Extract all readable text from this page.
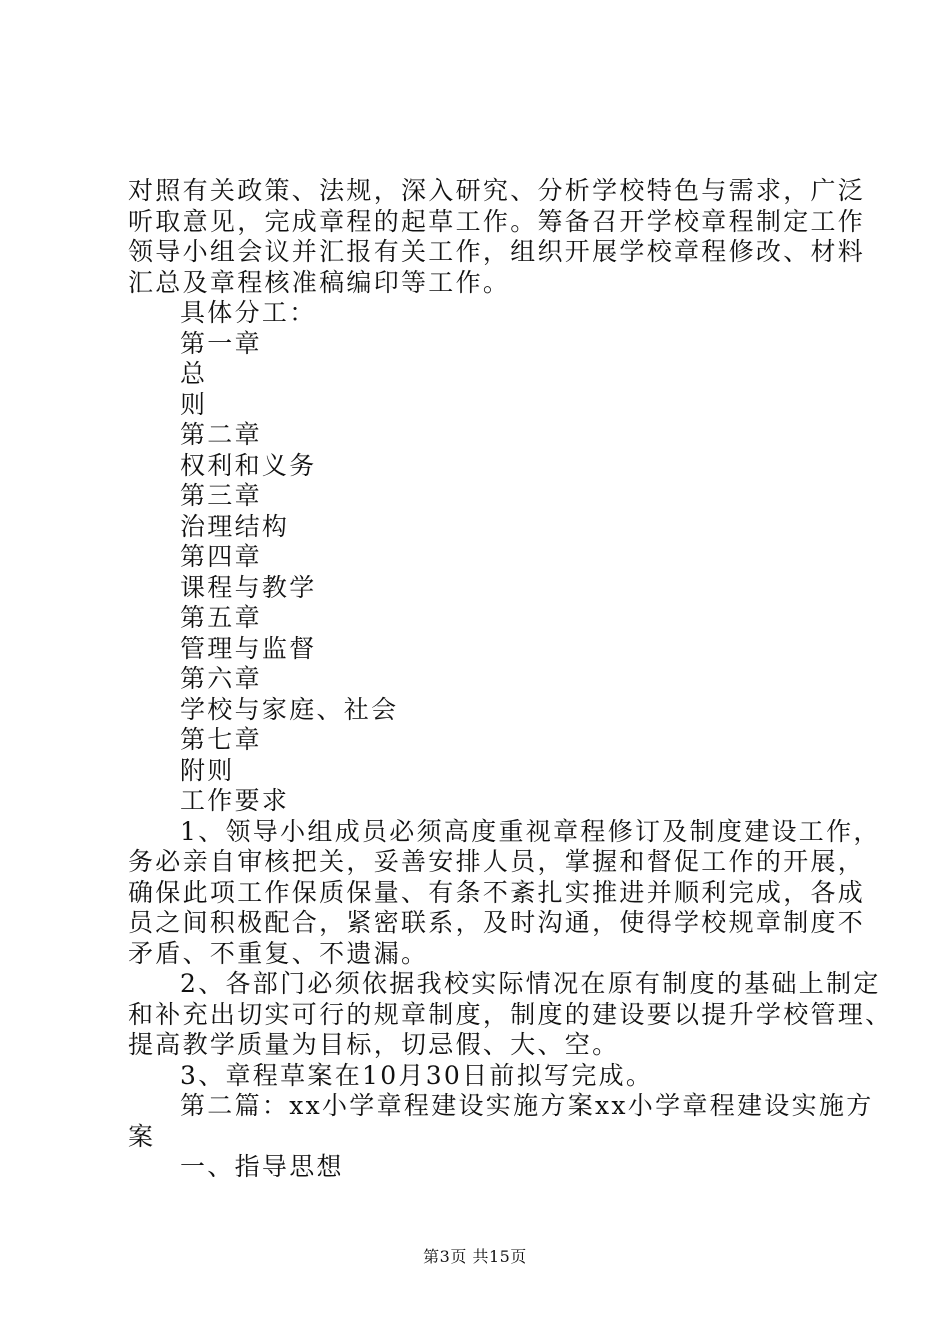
对照有关政策、法规，深入研究、分析学校特色与需求，广泛
听取意见，完成章程的起草工作。筹备召开学校章程制定工作
领导小组会议并汇报有关工作，组织开展学校章程修改、材料
汇总及章程核准稿编印等工作。
具体分工：
第一章
总
则
第二章
权利和义务
第三章
治理结构
第四章
课程与教学
第五章
管理与监督
第六章
学校与家庭、社会
第七章
附则
工作要求
1、领导小组成员必须高度重视章程修订及制度建设工作，
务必亲自审核把关，妥善安排人员，掌握和督促工作的开展，
确保此项工作保质保量、有条不紊扎实推进并顺利完成，各成
员之间积极配合，紧密联系，及时沟通，使得学校规章制度不
矛盾、不重复、不遗漏。
2、各部门必须依据我校实际情况在原有制度的基础上制定
和补充出切实可行的规章制度，制度的建设要以提升学校管理、
提高教学质量为目标，切忌假、大、空。
3、章程草案在10月30日前拟写完成。
第二篇：xx小学章程建设实施方案xx小学章程建设实施方
案
一、指导思想
第3页 共15页
